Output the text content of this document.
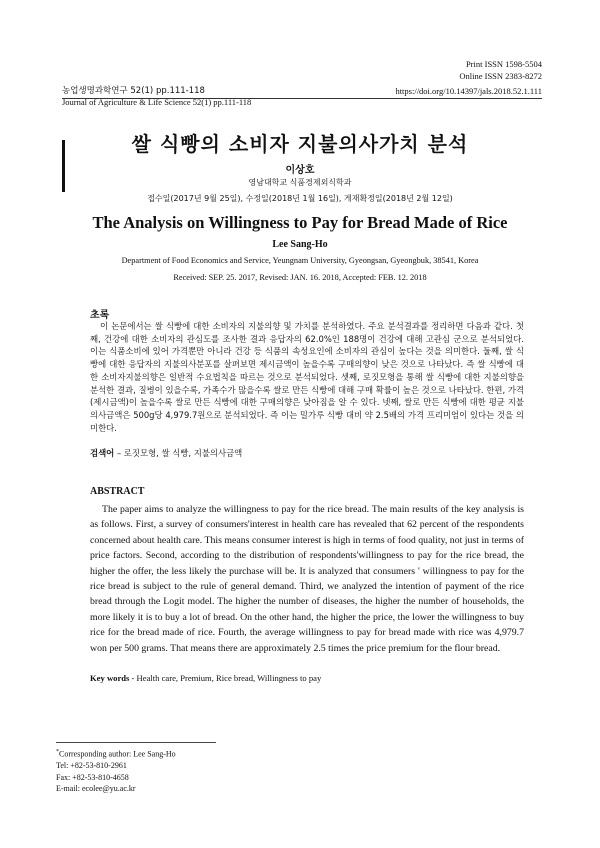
Print ISSN 1598-5504
Online ISSN 2383-8272
농업생명과학연구 52(1) pp.111-118
Journal of Agriculture & Life Science 52(1) pp.111-118
https://doi.org/10.14397/jals.2018.52.1.111
쌀 식빵의 소비자 지불의사가치 분석
이상호
영남대학교 식품경제외식학과
접수일(2017년 9월 25일), 수정일(2018년 1월 16일), 게재확정일(2018년 2월 12일)
The Analysis on Willingness to Pay for Bread Made of Rice
Lee Sang-Ho
Department of Food Economics and Service, Yeungnam University, Gyeongsan, Gyeongbuk, 38541, Korea
Received: SEP. 25. 2017, Revised: JAN. 16. 2018, Accepted: FEB. 12. 2018
초록
이 논문에서는 쌀 식빵에 대한 소비자의 지불의향 및 가치를 분석하였다. 주요 분석결과를 정리하면 다음과 같다. 첫째, 건강에 대한 소비자의 관심도를 조사한 결과 응답자의 62.0%인 188명이 건강에 대해 고관심 군으로 분석되었다. 이는 식품소비에 있어 가격뿐만 아니라 건강 등 식품의 속성요인에 소비자의 관심이 높다는 것을 의미한다. 둘째, 쌀 식빵에 대한 응답자의 지불의사분포를 살펴보면 제시금액이 높을수록 구매의향이 낮은 것으로 나타났다. 즉 쌀 식빵에 대한 소비자지불의향은 일반적 수요법칙을 따르는 것으로 분석되었다. 셋째, 로짓모형을 통해 쌀 식빵에 대한 지불의향을 분석한 결과, 질병이 있을수록, 가족수가 많을수록 쌀로 만든 식빵에 대해 구매 확률이 높은 것으로 나타났다. 한편, 가격(제시금액)이 높을수록 쌀로 만든 식빵에 대한 구매의향은 낮아짐을 알 수 있다. 넷째, 쌀로 만든 식빵에 대한 평균 지불의사금액은 500g당 4,979.7원으로 분석되었다. 즉 이는 밀가루 식빵 대비 약 2.5배의 가격 프리미엄이 있다는 것을 의미한다.
검색어 – 로짓모형, 쌀 식빵, 지불의사금액
ABSTRACT
The paper aims to analyze the willingness to pay for the rice bread. The main results of the key analysis is as follows. First, a survey of consumers'interest in health care has revealed that 62 percent of the respondents concerned about health care. This means consumer interest is high in terms of food quality, not just in terms of price factors. Second, according to the distribution of respondents'willingness to pay for the rice bread, the higher the offer, the less likely the purchase will be. It is analyzed that consumers ' willingness to pay for the rice bread is subject to the rule of general demand. Third, we analyzed the intention of payment of the rice bread through the Logit model. The higher the number of diseases, the higher the number of households, the more likely it is to buy a lot of bread. On the other hand, the higher the price, the lower the willingness to buy rice for the bread made of rice. Fourth, the average willingness to pay for bread made with rice was 4,979.7 won per 500 grams. That means there are approximately 2.5 times the price premium for the flour bread.
Key words - Health care, Premium, Rice bread, Willingness to pay
*Corresponding author: Lee Sang-Ho
Tel: +82-53-810-2961
Fax: +82-53-810-4658
E-mail: ecolee@yu.ac.kr
